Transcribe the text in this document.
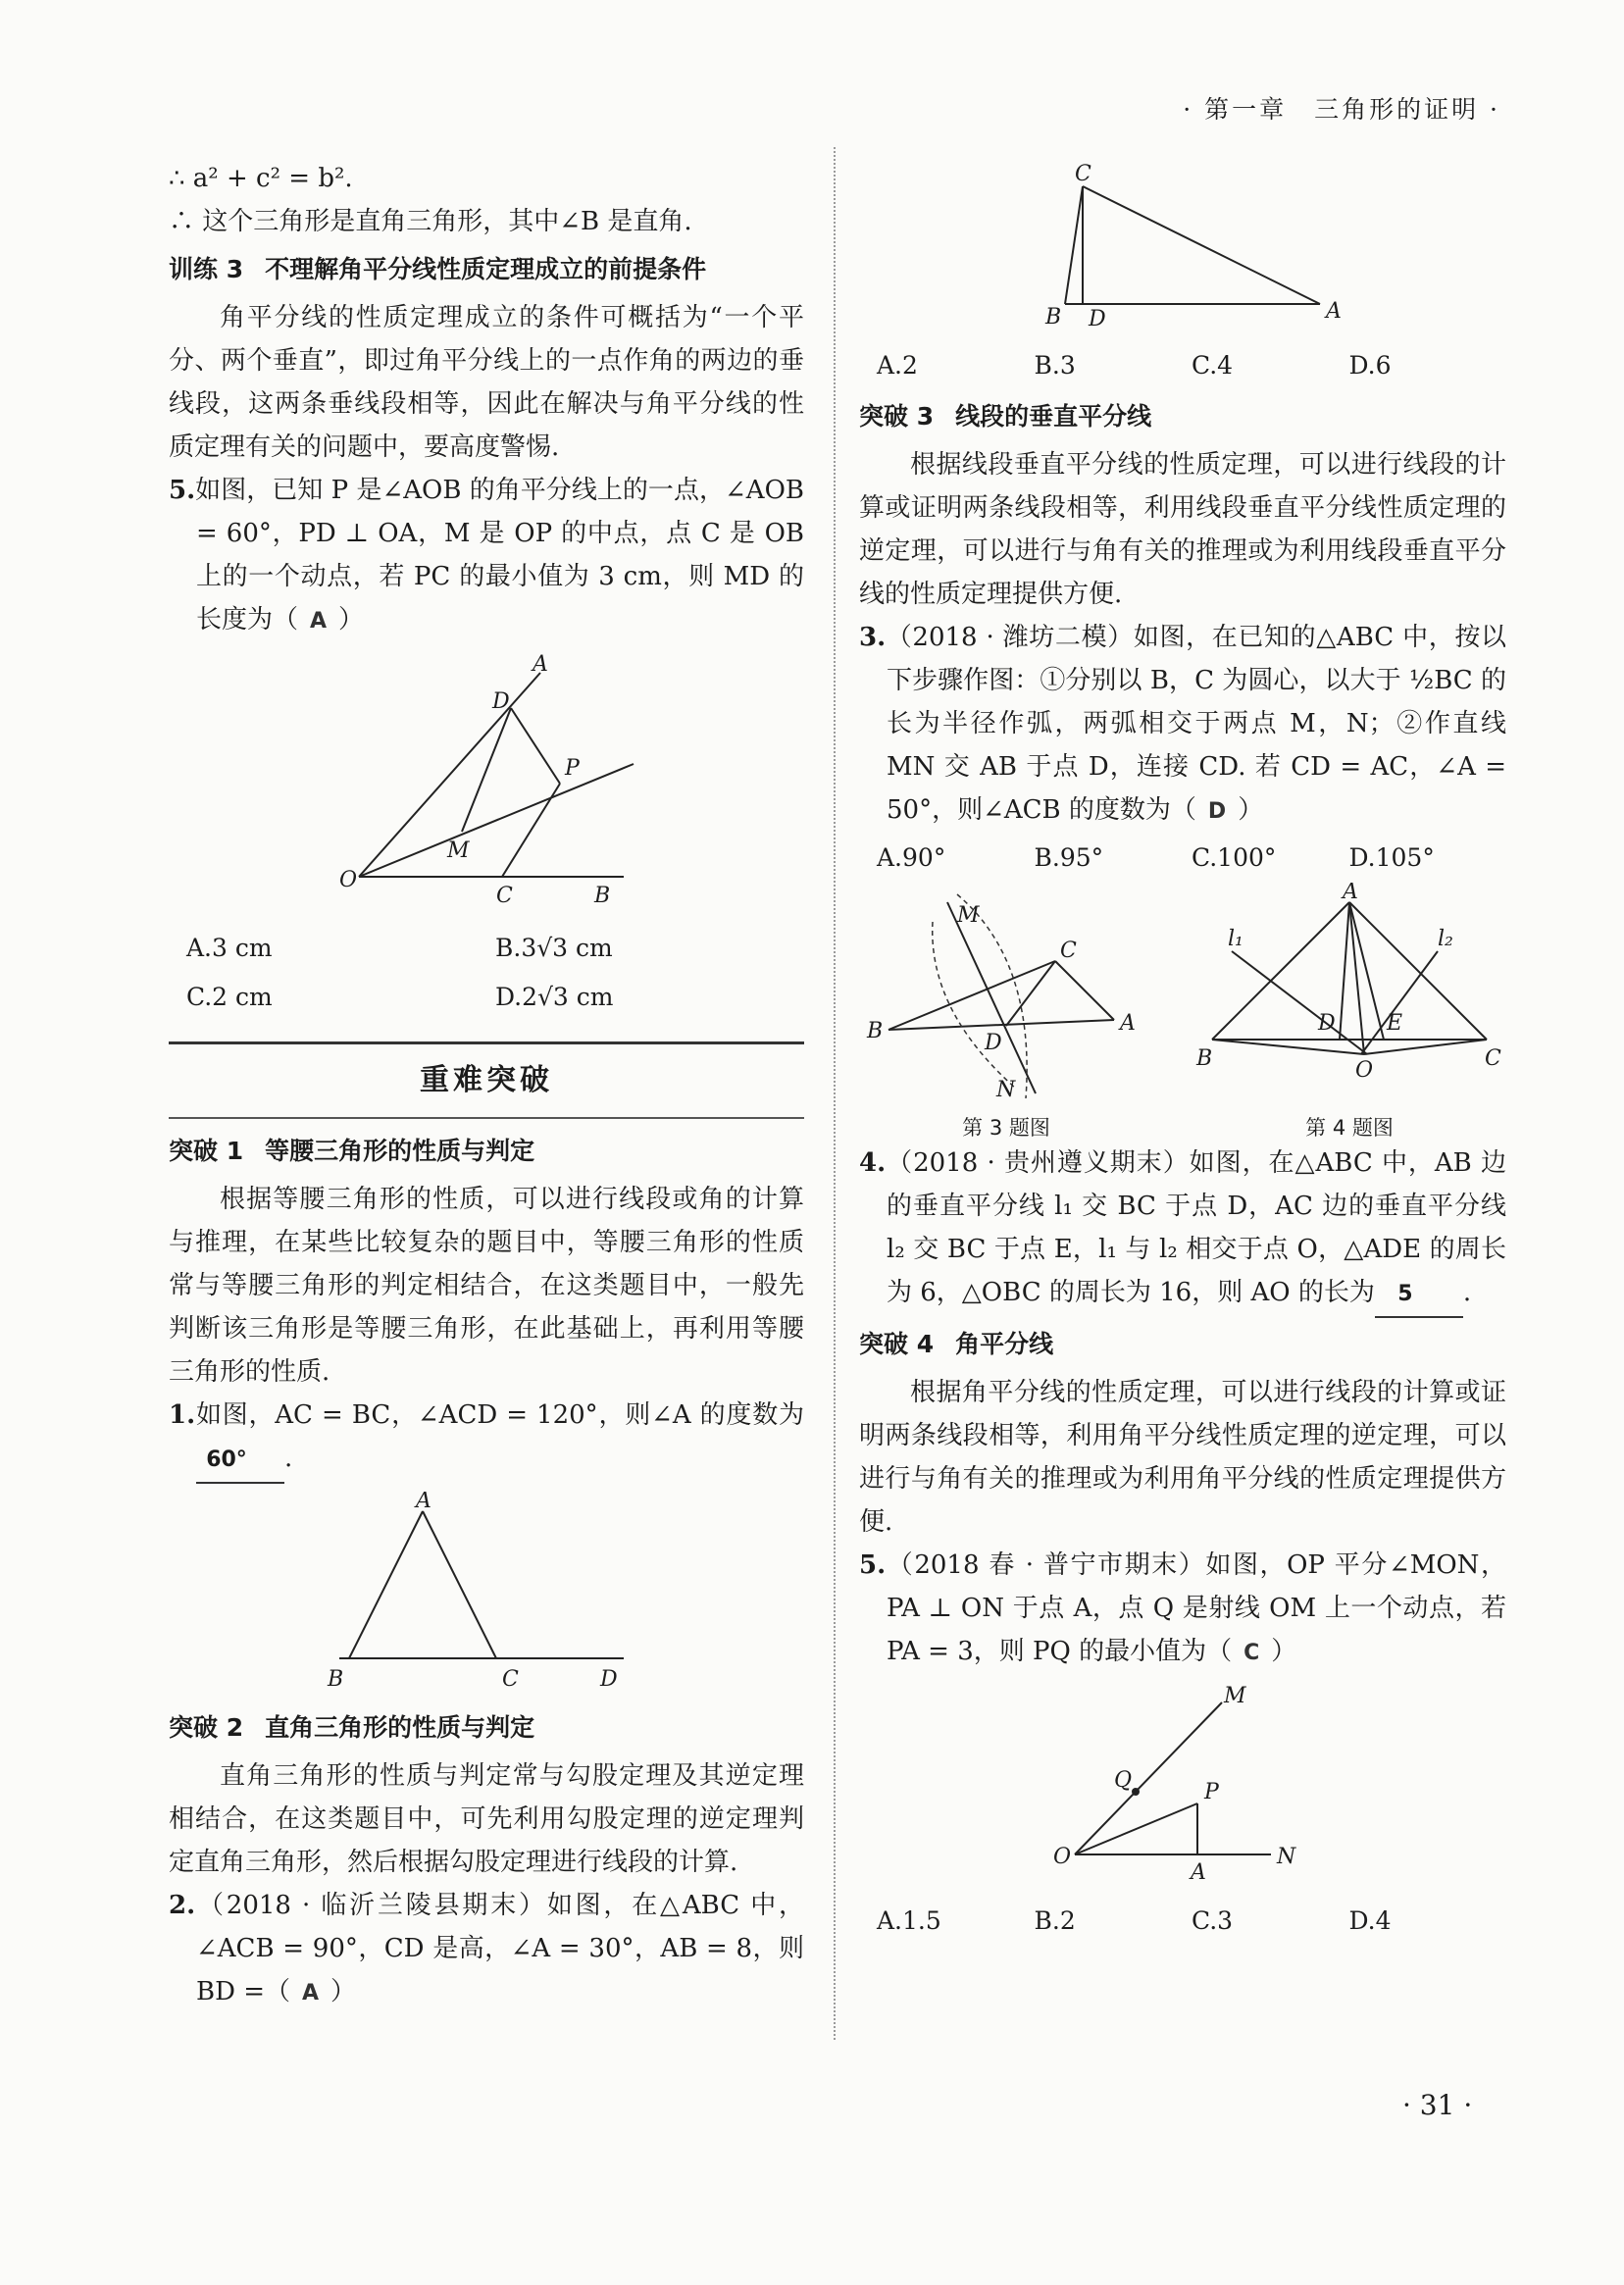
· 第一章　三角形的证明 ·

∴ a² + c² = b².

∴ 这个三角形是直角三角形，其中∠B 是直角.

训练 3 不理解角平分线性质定理成立的前提条件

角平分线的性质定理成立的条件可概括为“一个平分、两个垂直”，即过角平分线上的一点作角的两边的垂线段，这两条垂线段相等，因此在解决与角平分线的性质定理有关的问题中，要高度警惕.

5.如图，已知 P 是∠AOB 的角平分线上的一点，∠AOB = 60°，PD ⊥ OA，M 是 OP 的中点，点 C 是 OB 上的一个动点，若 PC 的最小值为 3 cm，则 MD 的长度为（ A ）

A
D
P
M
O
C	B
A.3 cm	B.3√3 cm
C.2 cm	D.2√3 cm
重难突破
突破 1 等腰三角形的性质与判定

根据等腰三角形的性质，可以进行线段或角的计算与推理，在某些比较复杂的题目中，等腰三角形的性质常与等腰三角形的判定相结合，在这类题目中，一般先判断该三角形是等腰三角形，在此基础上，再利用等腰三角形的性质.

1.如图，AC = BC，∠ACD = 120°，则∠A 的度数为60° .

A
B	C	D
突破 2 直角三角形的性质与判定

直角三角形的性质与判定常与勾股定理及其逆定理相结合，在这类题目中，可先利用勾股定理的逆定理判定直角三角形，然后根据勾股定理进行线段的计算.

2.（2018 · 临沂兰陵县期末）如图，在△ABC 中，∠ACB = 90°，CD 是高，∠A = 30°，AB = 8，则 BD =（ A ）

C
B D	A
A.2	B.3	C.4	D.6
突破 3 线段的垂直平分线

根据线段垂直平分线的性质定理，可以进行线段的计算或证明两条线段相等，利用线段垂直平分线性质定理的逆定理，可以进行与角有关的推理或为利用线段垂直平分线的性质定理提供方便.

3.（2018 · 潍坊二模）如图，在已知的△ABC 中，按以下步骤作图：①分别以 B，C 为圆心，以大于 ½BC 的长为半径作弧，两弧相交于两点 M，N；②作直线 MN 交 AB 于点 D，连接 CD. 若 CD = AC，∠A = 50°，则∠ACB 的度数为（ D ）

A.90°	B.95°	C.100°	D.105°
M
C
B	D
A
N
第 3 题图
A
l₁	l₂
B
D E
O	C
第 4 题图

4.（2018 · 贵州遵义期末）如图，在△ABC 中，AB 边的垂直平分线 l₁ 交 BC 于点 D，AC 边的垂直平分线 l₂ 交 BC 于点 E，l₁ 与 l₂ 相交于点 O，△ADE 的周长为 6，△OBC 的周长为 16，则 AO 的长为 5 .

突破 4 角平分线

根据角平分线的性质定理，可以进行线段的计算或证明两条线段相等，利用角平分线性质定理的逆定理，可以进行与角有关的推理或为利用角平分线的性质定理提供方便.

5.（2018 春 · 普宁市期末）如图，OP 平分∠MON，PA ⊥ ON 于点 A，点 Q 是射线 OM 上一个动点，若 PA = 3，则 PQ 的最小值为（ C ）

M
Q	P
O
A
N
A.1.5	B.2	C.3	D.4
· 31 ·
